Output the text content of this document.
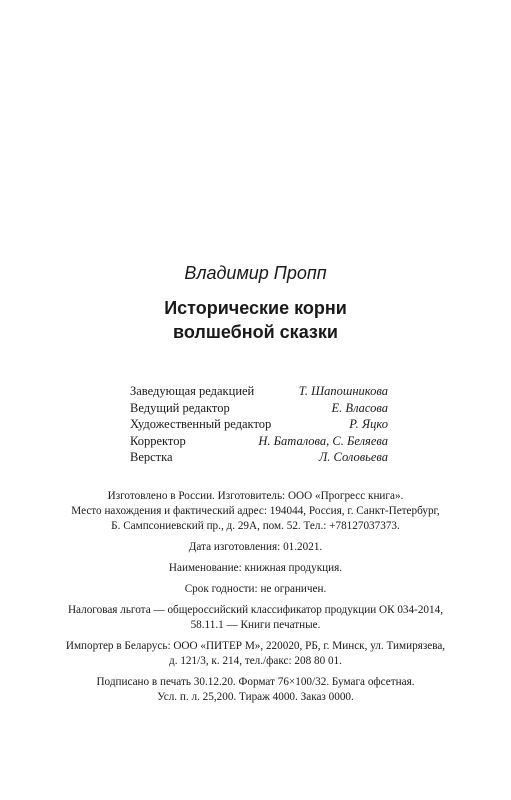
Владимир Пропп
Исторические корни
волшебной сказки
Заведующая редакцией	Т. Шапошникова
Ведущий редактор	Е. Власова
Художественный редактор	Р. Яцко
Корректор	Н. Баталова, С. Беляева
Верстка	Л. Соловьева

Изготовлено в России. Изготовитель: ООО «Прогресс книга».
Место нахождения и фактический адрес: 194044, Россия, г. Санкт-Петербург,
Б. Сампсониевский пр., д. 29А, пом. 52. Тел.: +78127037373.

Дата изготовления: 01.2021.

Наименование: книжная продукция.

Срок годности: не ограничен.

Налоговая льгота — общероссийский классификатор продукции ОК 034-2014,
58.11.1 — Книги печатные.

Импортер в Беларусь: ООО «ПИТЕР М», 220020, РБ, г. Минск, ул. Тимирязева,
д. 121/3, к. 214, тел./факс: 208 80 01.

Подписано в печать 30.12.20. Формат 76×100/32. Бумага офсетная.
Усл. п. л. 25,200. Тираж 4000. Заказ 0000.
